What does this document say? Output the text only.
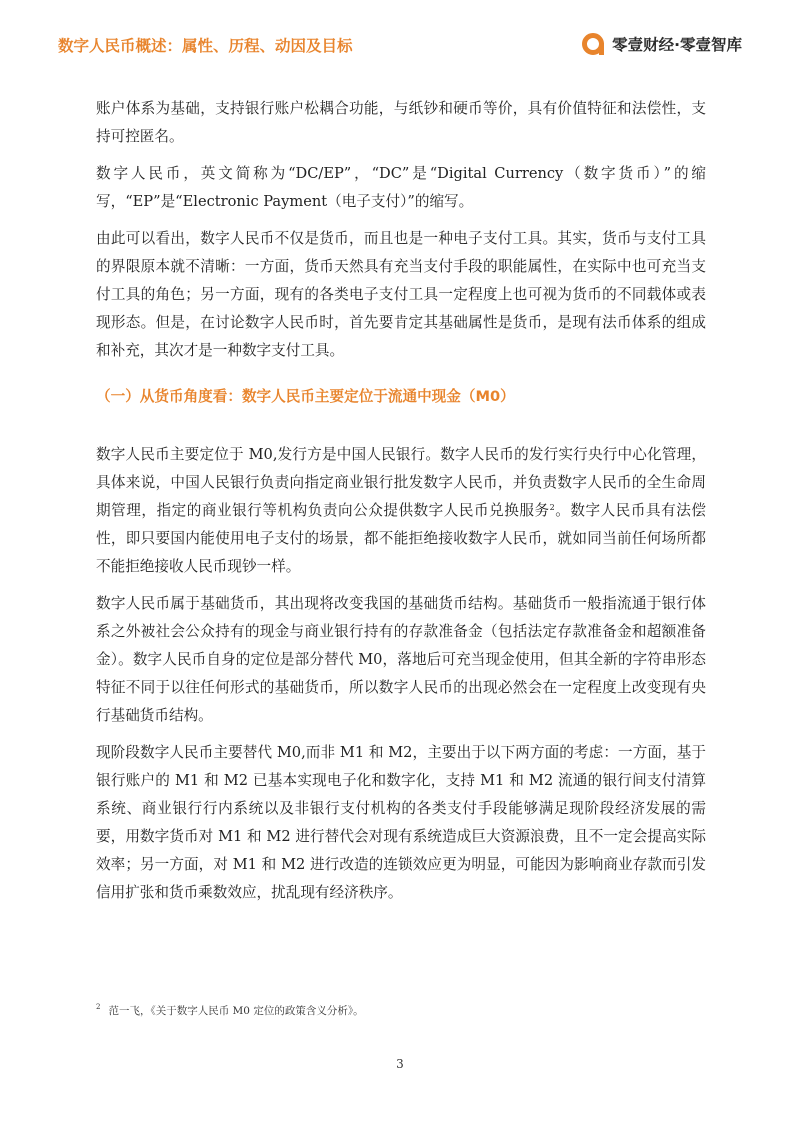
数字人民币概述：属性、历程、动因及目标	零壹财经·零壹智库

账户体系为基础，支持银行账户松耦合功能，与纸钞和硬币等价，具有价值特征和法偿性，支持可控匿名。

数字人民币，英文简称为“DC/EP”，“DC”是“Digital Currency（数字货币）”的缩写，“EP”是“Electronic Payment（电子支付）”的缩写。

由此可以看出，数字人民币不仅是货币，而且也是一种电子支付工具。其实，货币与支付工具的界限原本就不清晰：一方面，货币天然具有充当支付手段的职能属性，在实际中也可充当支付工具的角色；另一方面，现有的各类电子支付工具一定程度上也可视为货币的不同载体或表现形态。但是，在讨论数字人民币时，首先要肯定其基础属性是货币，是现有法币体系的组成和补充，其次才是一种数字支付工具。

（一）从货币角度看：数字人民币主要定位于流通中现金（M0）

数字人民币主要定位于 M0,发行方是中国人民银行。数字人民币的发行实行央行中心化管理，具体来说，中国人民银行负责向指定商业银行批发数字人民币，并负责数字人民币的全生命周期管理，指定的商业银行等机构负责向公众提供数字人民币兑换服务$^2$。数字人民币具有法偿性，即只要国内能使用电子支付的场景，都不能拒绝接收数字人民币，就如同当前任何场所都不能拒绝接收人民币现钞一样。

数字人民币属于基础货币，其出现将改变我国的基础货币结构。基础货币一般指流通于银行体系之外被社会公众持有的现金与商业银行持有的存款准备金（包括法定存款准备金和超额准备金）。数字人民币自身的定位是部分替代 M0，落地后可充当现金使用，但其全新的字符串形态特征不同于以往任何形式的基础货币，所以数字人民币的出现必然会在一定程度上改变现有央行基础货币结构。

现阶段数字人民币主要替代 M0,而非 M1 和 M2，主要出于以下两方面的考虑：一方面，基于银行账户的 M1 和 M2 已基本实现电子化和数字化，支持 M1 和 M2 流通的银行间支付清算系统、商业银行行内系统以及非银行支付机构的各类支付手段能够满足现阶段经济发展的需要，用数字货币对 M1 和 M2 进行替代会对现有系统造成巨大资源浪费，且不一定会提高实际效率；另一方面，对 M1 和 M2 进行改造的连锁效应更为明显，可能因为影响商业存款而引发信用扩张和货币乘数效应，扰乱现有经济秩序。

$^2$ 范一飞，《关于数字人民币 M0 定位的政策含义分析》。
3
